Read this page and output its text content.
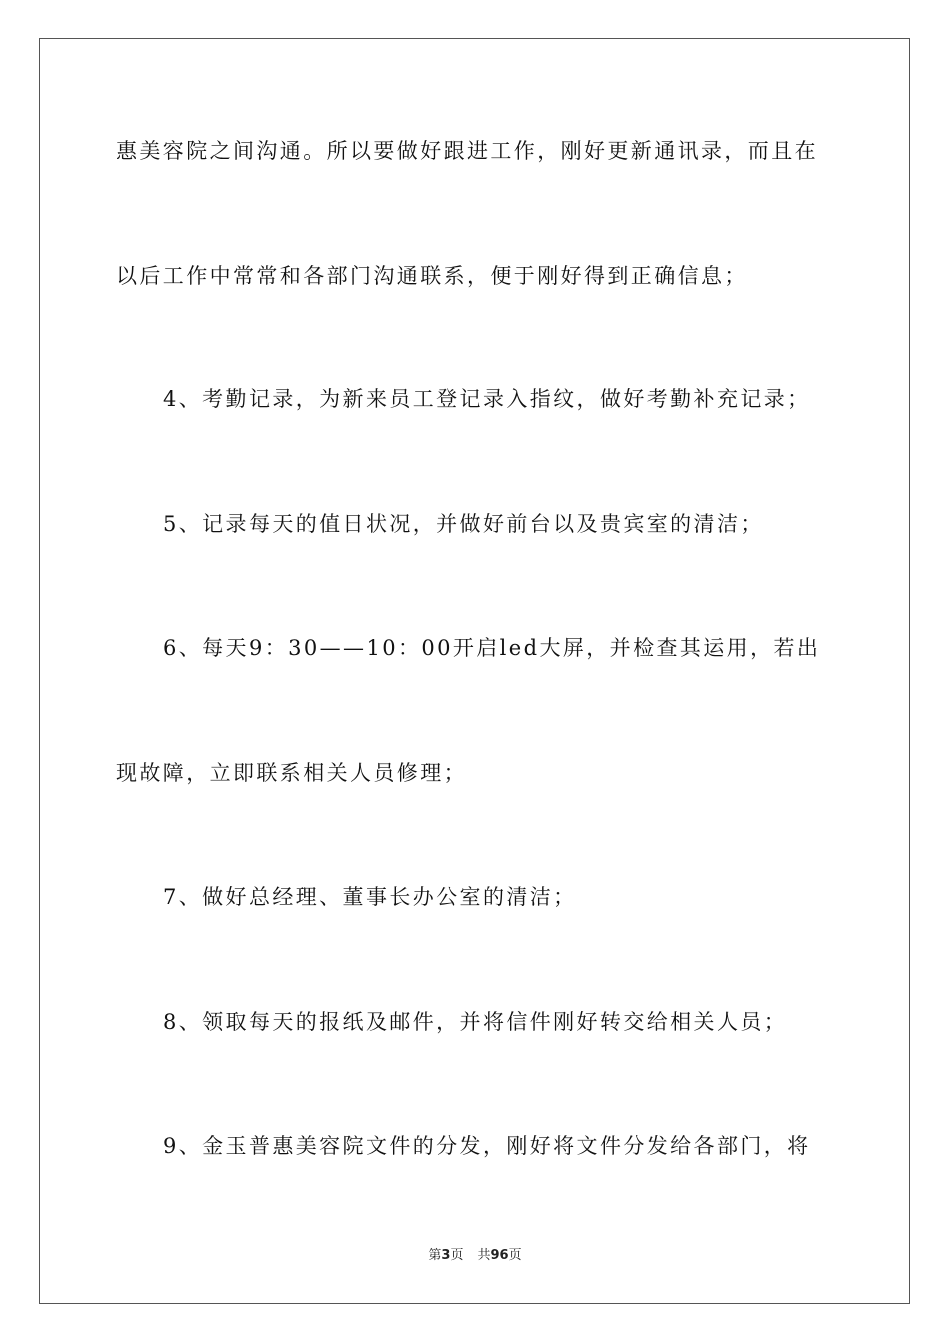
惠美容院之间沟通。所以要做好跟进工作，刚好更新通讯录，而且在
以后工作中常常和各部门沟通联系，便于刚好得到正确信息；
4、考勤记录，为新来员工登记录入指纹，做好考勤补充记录；
5、记录每天的值日状况，并做好前台以及贵宾室的清洁；
6、每天9：30——10：00开启led大屏，并检查其运用，若出
现故障，立即联系相关人员修理；
7、做好总经理、董事长办公室的清洁；
8、领取每天的报纸及邮件，并将信件刚好转交给相关人员；
9、金玉普惠美容院文件的分发，刚好将文件分发给各部门，将
第3页 共96页
